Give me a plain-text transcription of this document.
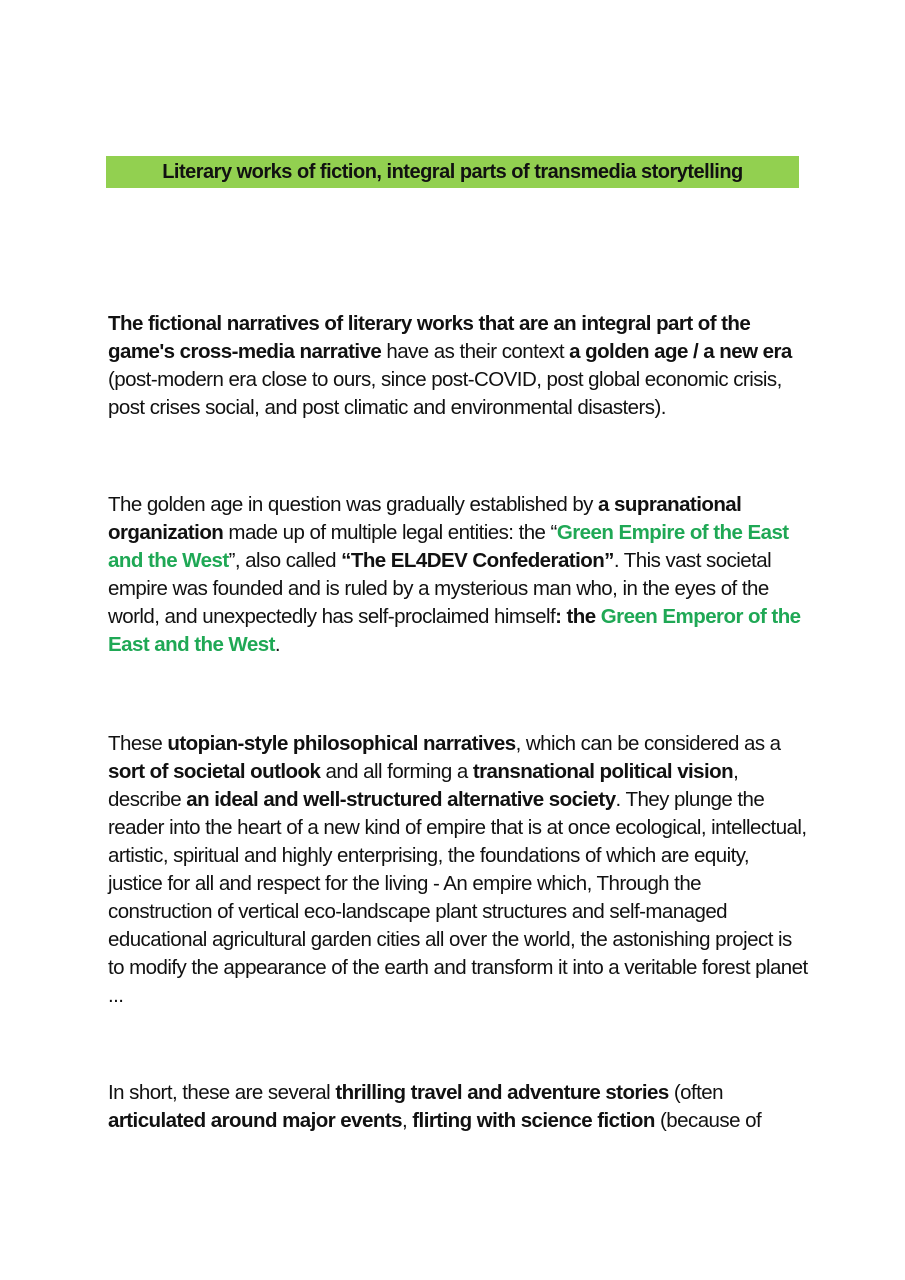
Literary works of fiction, integral parts of transmedia storytelling

The fictional narratives of literary works that are an integral part of the game's cross-media narrative have as their context a golden age / a new era (post-modern era close to ours, since post-COVID, post global economic crisis, post crises social, and post climatic and environmental disasters).

The golden age in question was gradually established by a supranational organization made up of multiple legal entities: the “Green Empire of the East and the West”, also called “The EL4DEV Confederation”. This vast societal empire was founded and is ruled by a mysterious man who, in the eyes of the world, and unexpectedly has self-proclaimed himself: the Green Emperor of the East and the West.

These utopian-style philosophical narratives, which can be considered as a sort of societal outlook and all forming a transnational political vision, describe an ideal and well-structured alternative society. They plunge the reader into the heart of a new kind of empire that is at once ecological, intellectual, artistic, spiritual and highly enterprising, the foundations of which are equity, justice for all and respect for the living - An empire which, Through the construction of vertical eco-landscape plant structures and self-managed educational agricultural garden cities all over the world, the astonishing project is to modify the appearance of the earth and transform it into a veritable forest planet ...

In short, these are several thrilling travel and adventure stories (often articulated around major events, flirting with science fiction (because of
